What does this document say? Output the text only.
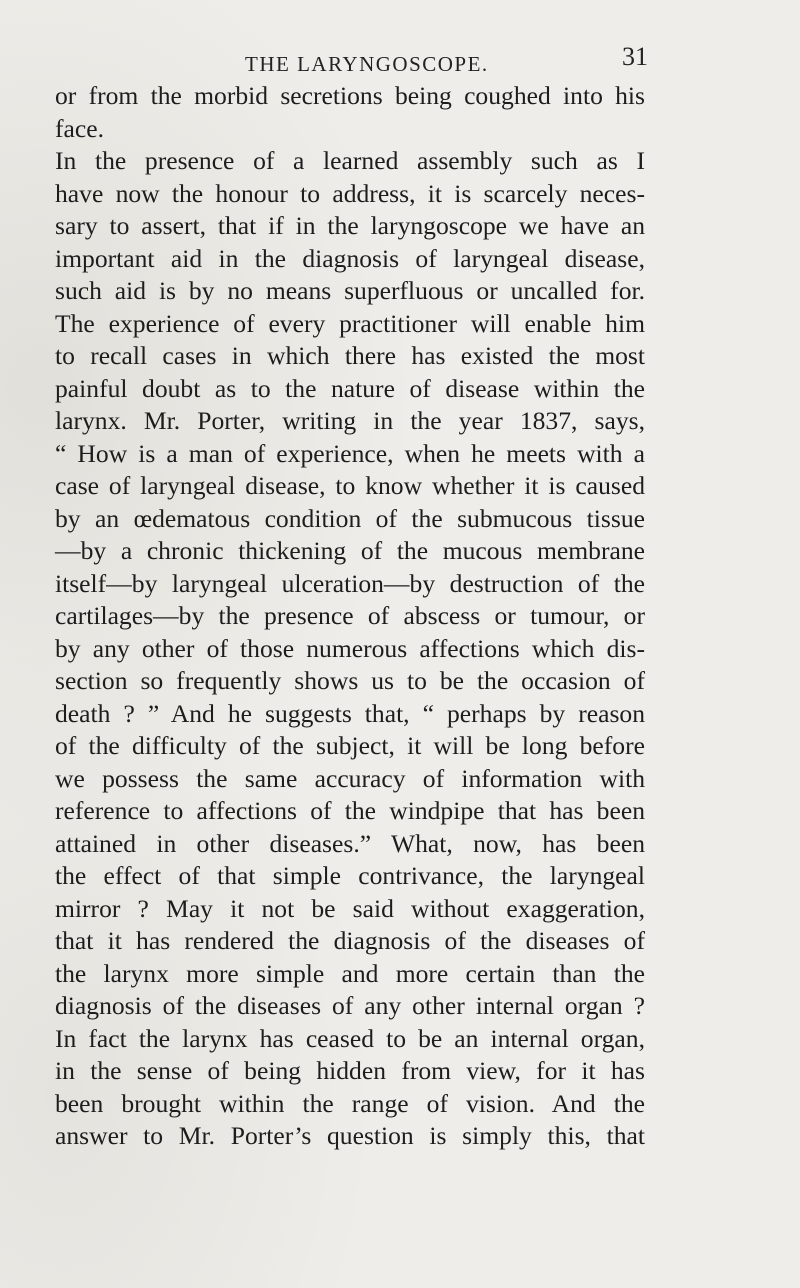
THE LARYNGOSCOPE.	31
or from the morbid secretions being coughed into his
face.
In the presence of a learned assembly such as I
have now the honour to address, it is scarcely neces-
sary to assert, that if in the laryngoscope we have an
important aid in the diagnosis of laryngeal disease,
such aid is by no means superfluous or uncalled for.
The experience of every practitioner will enable him
to recall cases in which there has existed the most
painful doubt as to the nature of disease within the
larynx. Mr. Porter, writing in the year 1837, says,
“ How is a man of experience, when he meets with a
case of laryngeal disease, to know whether it is caused
by an œdematous condition of the submucous tissue
—by a chronic thickening of the mucous membrane
itself—by laryngeal ulceration—by destruction of the
cartilages—by the presence of abscess or tumour, or
by any other of those numerous affections which dis-
section so frequently shows us to be the occasion of
death ? ” And he suggests that, “ perhaps by reason
of the difficulty of the subject, it will be long before
we possess the same accuracy of information with
reference to affections of the windpipe that has been
attained in other diseases.” What, now, has been
the effect of that simple contrivance, the laryngeal
mirror ? May it not be said without exaggeration,
that it has rendered the diagnosis of the diseases of
the larynx more simple and more certain than the
diagnosis of the diseases of any other internal organ ?
In fact the larynx has ceased to be an internal organ,
in the sense of being hidden from view, for it has
been brought within the range of vision. And the
answer to Mr. Porter’s question is simply this, that
